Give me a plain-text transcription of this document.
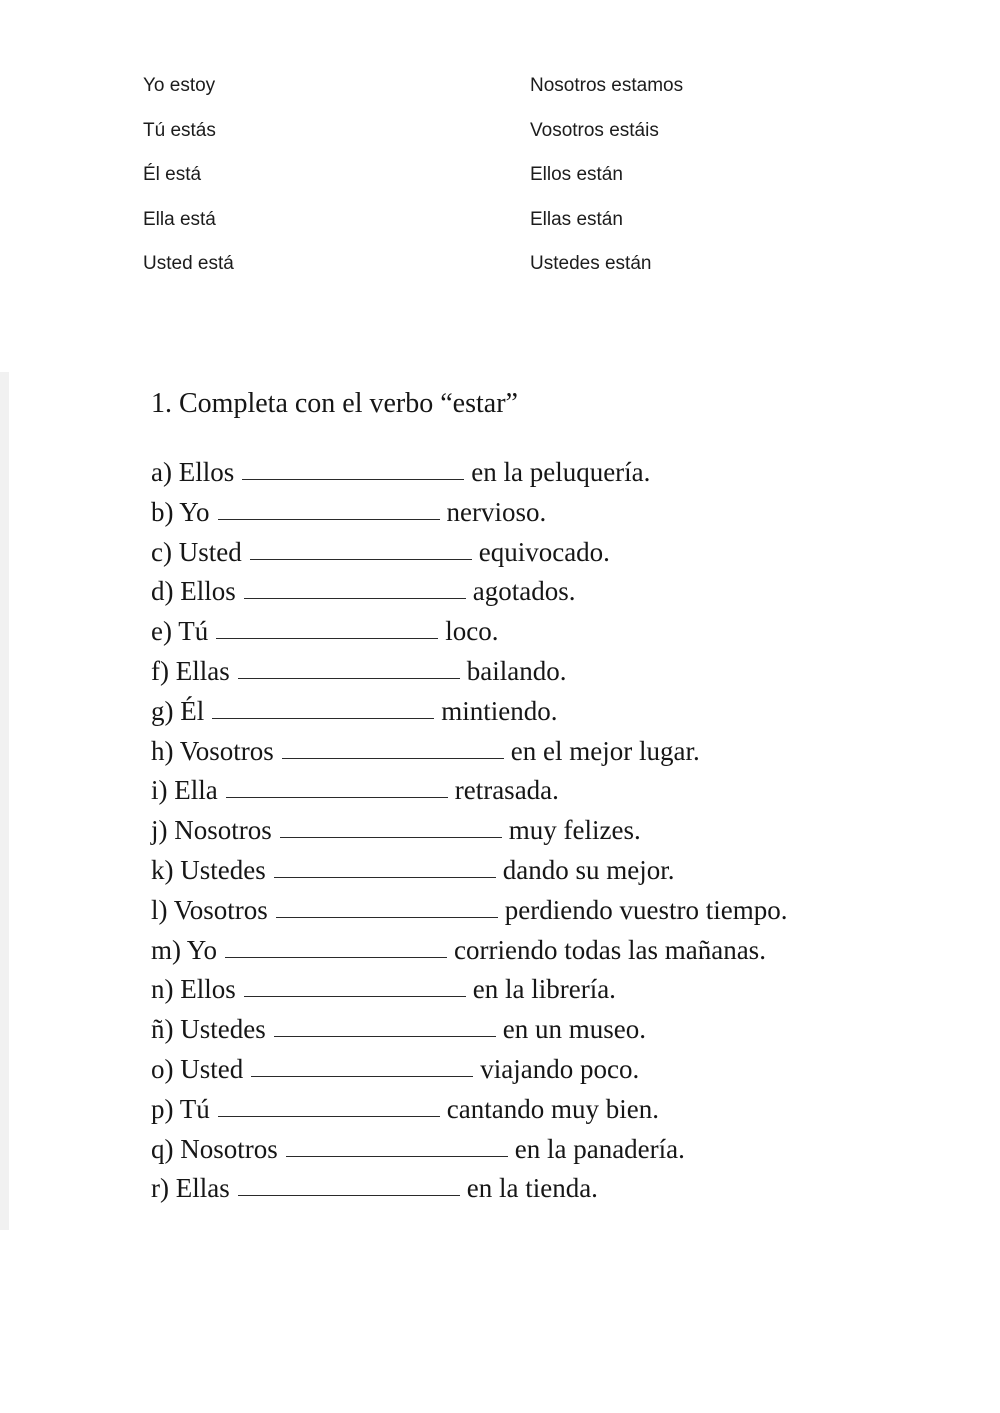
Yo estoy	Nosotros estamos
Tú estás	Vosotros estáis
Él está	Ellos están
Ella está	Ellas están
Usted está	Ustedes están
1. Completa con el verbo “estar”
a) Ellos	en la peluquería.
b) Yo	nervioso.
c) Usted	equivocado.
d) Ellos	agotados.
e) Tú	loco.
f) Ellas	bailando.
g) Él	mintiendo.
h) Vosotros	en el mejor lugar.
i) Ella	retrasada.
j) Nosotros	muy felizes.
k) Ustedes	dando su mejor.
l) Vosotros	perdiendo vuestro tiempo.
m) Yo	corriendo todas las mañanas.
n) Ellos	en la librería.
ñ) Ustedes	en un museo.
o) Usted	viajando poco.
p) Tú	cantando muy bien.
q) Nosotros	en la panadería.
r) Ellas	en la tienda.
